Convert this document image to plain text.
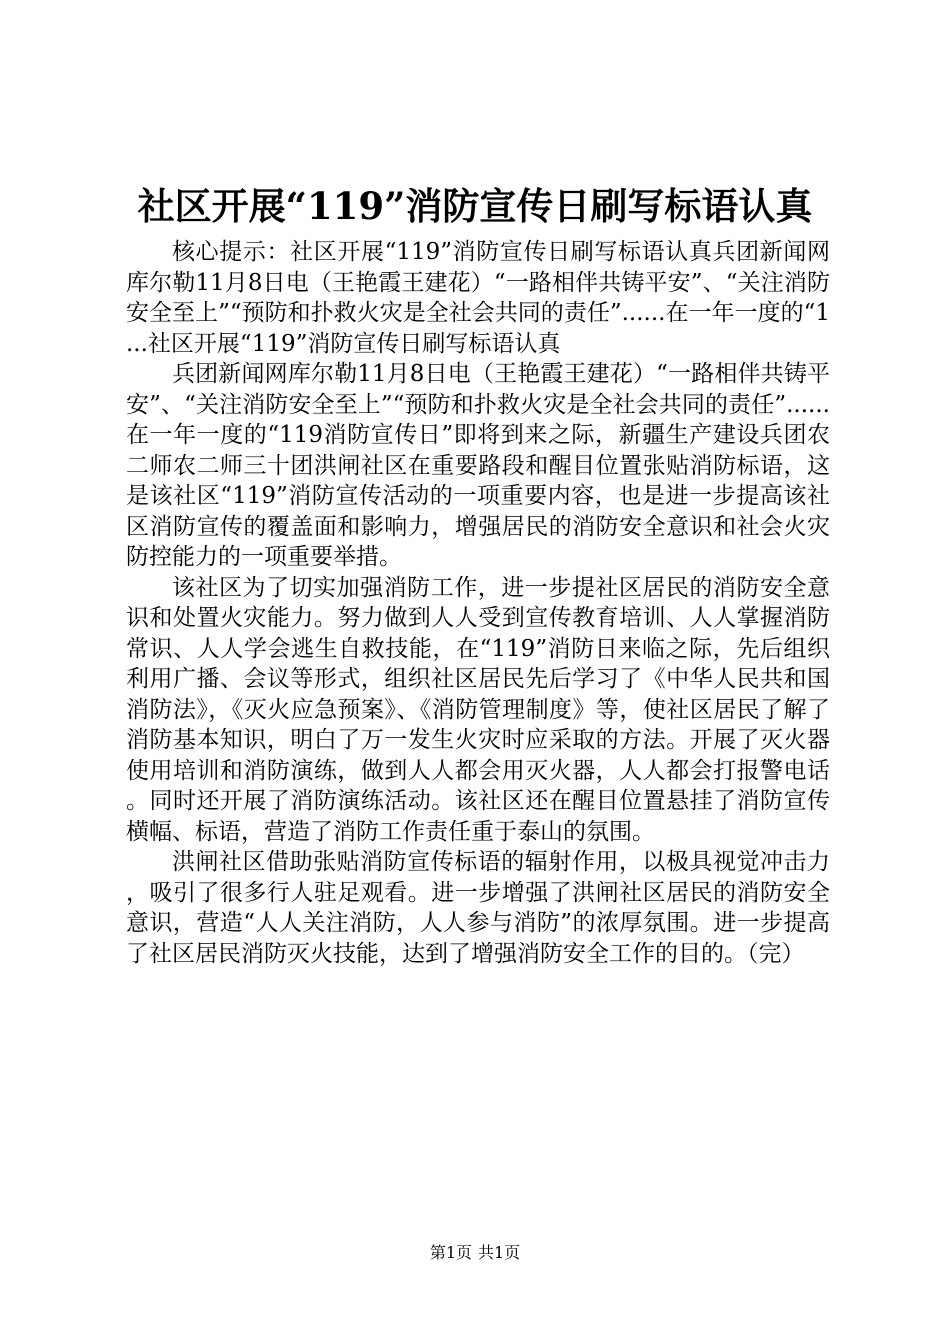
社区开展“119”消防宣传日刷写标语认真

核心提示：社区开展“119”消防宣传日刷写标语认真兵团新闻网库尔勒11月8日电（王艳霞王建花）“一路相伴共铸平安”、“关注消防安全至上”“预防和扑救火灾是全社会共同的责任”......在一年一度的“1...社区开展“119”消防宣传日刷写标语认真

兵团新闻网库尔勒11月8日电（王艳霞王建花）“一路相伴共铸平安”、“关注消防安全至上”“预防和扑救火灾是全社会共同的责任”......在一年一度的“119消防宣传日”即将到来之际，新疆生产建设兵团农二师农二师三十团洪闸社区在重要路段和醒目位置张贴消防标语，这是该社区“119”消防宣传活动的一项重要内容，也是进一步提高该社区消防宣传的覆盖面和影响力，增强居民的消防安全意识和社会火灾防控能力的一项重要举措。

该社区为了切实加强消防工作，进一步提社区居民的消防安全意识和处置火灾能力。努力做到人人受到宣传教育培训、人人掌握消防常识、人人学会逃生自救技能，在“119”消防日来临之际，先后组织利用广播、会议等形式，组织社区居民先后学习了《中华人民共和国消防法》，《灭火应急预案》、《消防管理制度》等，使社区居民了解了消防基本知识，明白了万一发生火灾时应采取的方法。开展了灭火器使用培训和消防演练，做到人人都会用灭火器，人人都会打报警电话。同时还开展了消防演练活动。该社区还在醒目位置悬挂了消防宣传横幅、标语，营造了消防工作责任重于泰山的氛围。

洪闸社区借助张贴消防宣传标语的辐射作用，以极具视觉冲击力，吸引了很多行人驻足观看。进一步增强了洪闸社区居民的消防安全意识，营造“人人关注消防，人人参与消防”的浓厚氛围。进一步提高了社区居民消防灭火技能，达到了增强消防安全工作的目的。（完）

第1页 共1页
